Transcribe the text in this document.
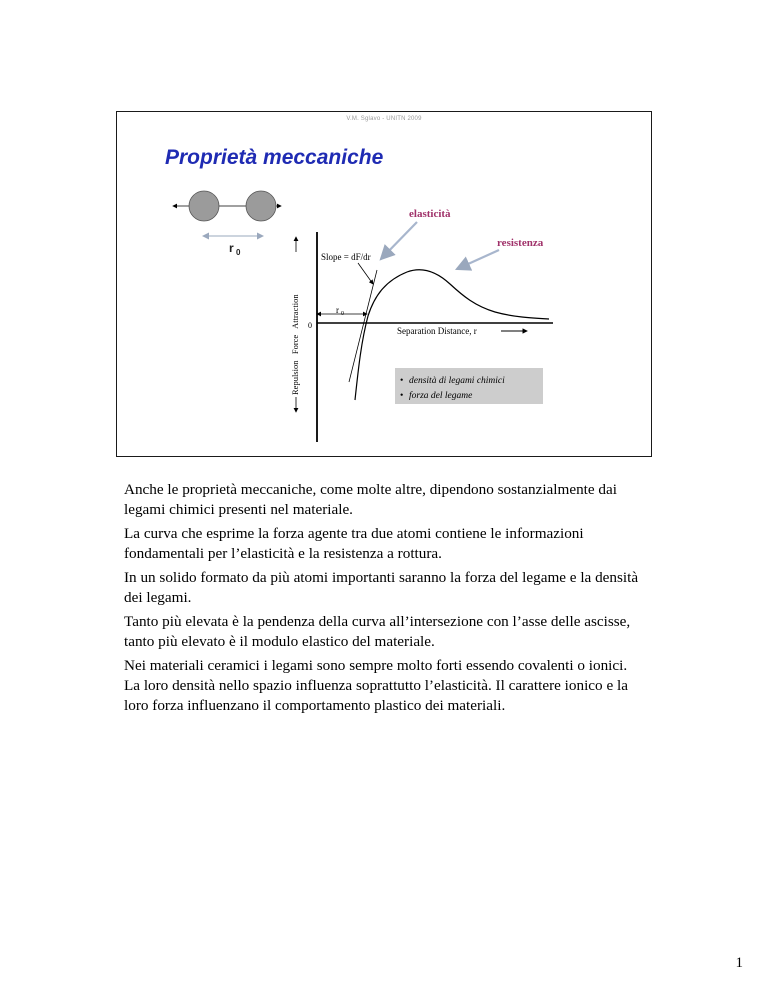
V.M. Sglavo - UNITN 2009
Proprietà meccaniche
r 0
0
Repulsion   Force   Attraction	r 0
Separation Distance, r
Slope = dF/dr
elasticità
resistenza
• densità di legami chimici
• forza del legame

Anche le proprietà meccaniche, come molte altre, dipendono sostanzialmente dai legami chimici presenti nel materiale.

La curva che esprime la forza agente tra due atomi contiene le informazioni fondamentali per l’elasticità e la resistenza a rottura.

In un solido formato da più atomi importanti saranno la forza del legame e la densità dei legami.

Tanto più elevata è la pendenza della curva all’intersezione con l’asse delle ascisse, tanto più elevato è il modulo elastico del materiale.

Nei materiali ceramici i legami sono sempre molto forti essendo covalenti o ionici. La loro densità nello spazio influenza soprattutto l’elasticità. Il carattere ionico e la loro forza influenzano il comportamento plastico dei materiali.

1
